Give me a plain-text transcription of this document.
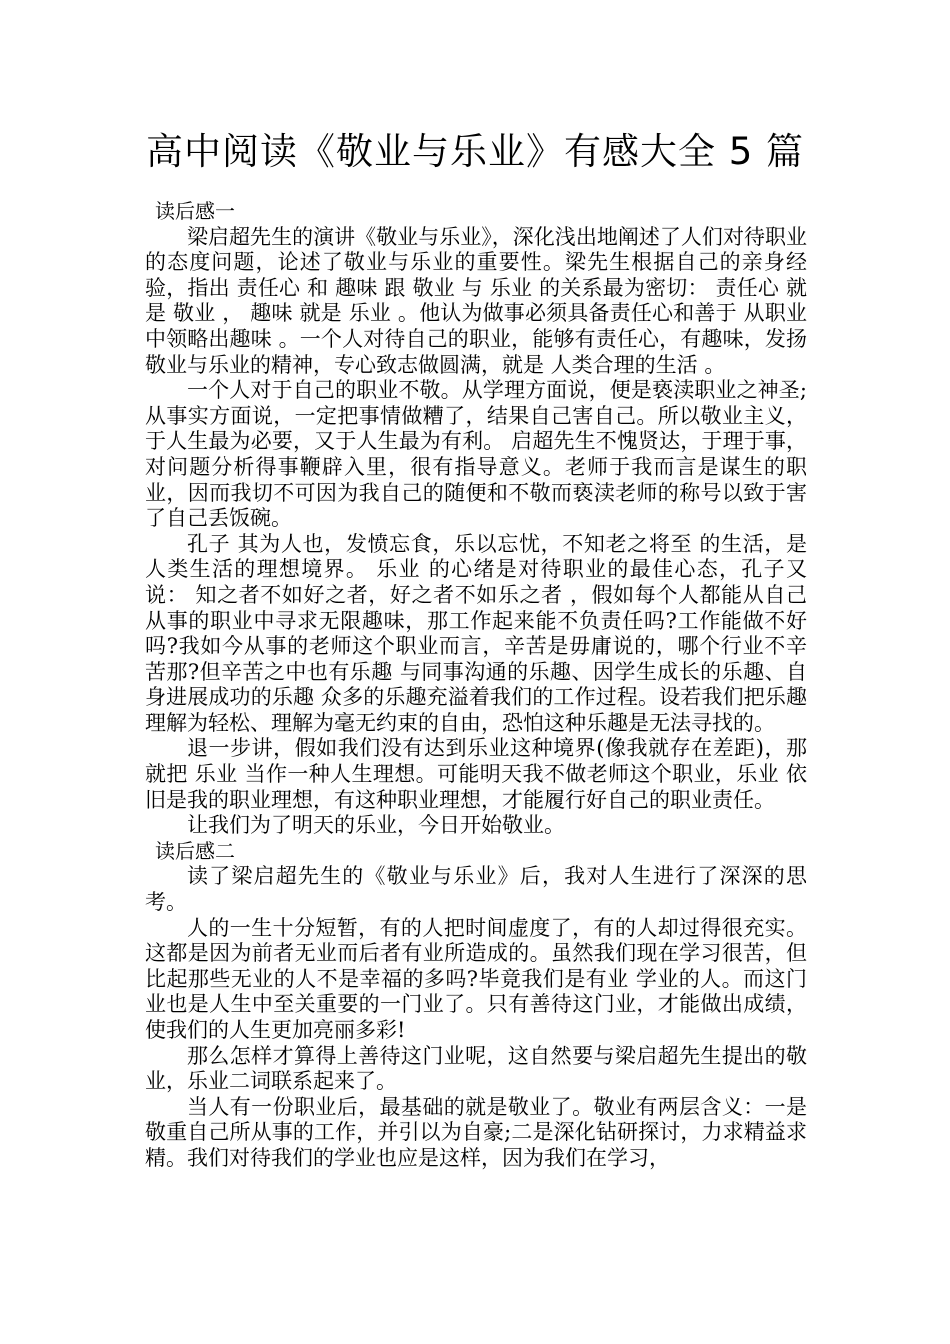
高中阅读《敬业与乐业》有感大全 5 篇

读后感一

梁启超先生的演讲《敬业与乐业》，深化浅出地阐述了人们对待职业的态度问题，论述了敬业与乐业的重要性。梁先生根据自己的亲身经验，指出 责任心 和 趣味 跟 敬业 与 乐业 的关系最为密切： 责任心 就是 敬业 ， 趣味 就是 乐业 。他认为做事必须具备责任心和善于 从职业中领略出趣味 。一个人对待自己的职业，能够有责任心，有趣味，发扬敬业与乐业的精神，专心致志做圆满，就是 人类合理的生活 。

一个人对于自己的职业不敬。从学理方面说，便是亵渎职业之神圣;从事实方面说，一定把事情做糟了，结果自己害自己。所以敬业主义，于人生最为必要，又于人生最为有利。 启超先生不愧贤达，于理于事，对问题分析得事鞭辟入里，很有指导意义。老师于我而言是谋生的职业，因而我切不可因为我自己的随便和不敬而亵渎老师的称号以致于害了自己丢饭碗。

孔子 其为人也，发愤忘食，乐以忘忧，不知老之将至 的生活，是人类生活的理想境界。 乐业 的心绪是对待职业的最佳心态，孔子又说： 知之者不如好之者，好之者不如乐之者 ，假如每个人都能从自己从事的职业中寻求无限趣味，那工作起来能不负责任吗?工作能做不好吗?我如今从事的老师这个职业而言，辛苦是毋庸说的，哪个行业不辛苦那?但辛苦之中也有乐趣 与同事沟通的乐趣、因学生成长的乐趣、自身进展成功的乐趣 众多的乐趣充溢着我们的工作过程。设若我们把乐趣理解为轻松、理解为毫无约束的自由，恐怕这种乐趣是无法寻找的。

退一步讲，假如我们没有达到乐业这种境界(像我就存在差距)，那就把 乐业 当作一种人生理想。可能明天我不做老师这个职业，乐业 依旧是我的职业理想，有这种职业理想，才能履行好自己的职业责任。

让我们为了明天的乐业，今日开始敬业。

读后感二

读了梁启超先生的《敬业与乐业》后，我对人生进行了深深的思考。

人的一生十分短暂，有的人把时间虚度了，有的人却过得很充实。这都是因为前者无业而后者有业所造成的。虽然我们现在学习很苦，但比起那些无业的人不是幸福的多吗?毕竟我们是有业 学业的人。而这门业也是人生中至关重要的一门业了。只有善待这门业，才能做出成绩，使我们的人生更加亮丽多彩!

那么怎样才算得上善待这门业呢，这自然要与梁启超先生提出的敬业，乐业二词联系起来了。

当人有一份职业后，最基础的就是敬业了。敬业有两层含义：一是敬重自己所从事的工作，并引以为自豪;二是深化钻研探讨，力求精益求精。我们对待我们的学业也应是这样，因为我们在学习，
